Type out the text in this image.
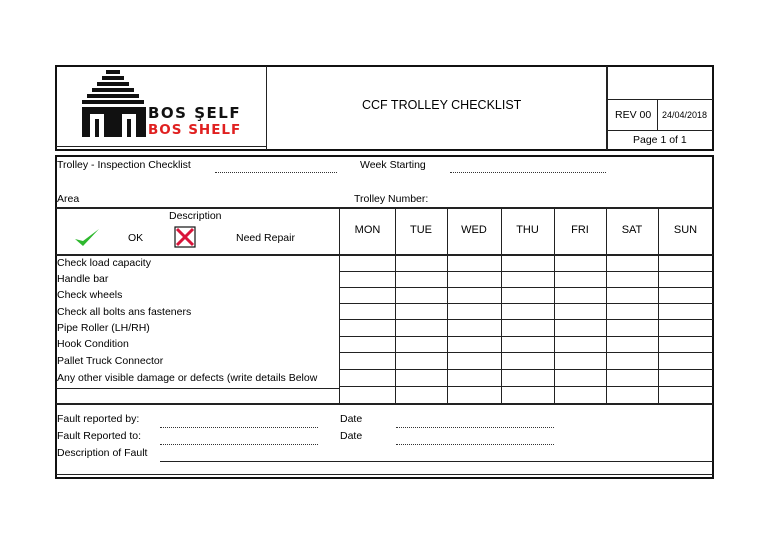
BOS ŞELF
BOS SHELF
CCF TROLLEY CHECKLIST
REV 00 24/04/2018
Page 1 of 1
Trolley - Inspection Checklist	Week Starting
Area	Trolley Number:
Description
OK	Need Repair
MON	TUE	WED	THU	FRI	SAT	SUN
Check load capacity
Handle bar
Check wheels
Check all bolts ans fasteners
Pipe Roller (LH/RH)
Hook Condition
Pallet Truck Connector
Any other visible damage or defects (write details Below
Fault reported by:	Date
Fault Reported to:	Date
Description of Fault
